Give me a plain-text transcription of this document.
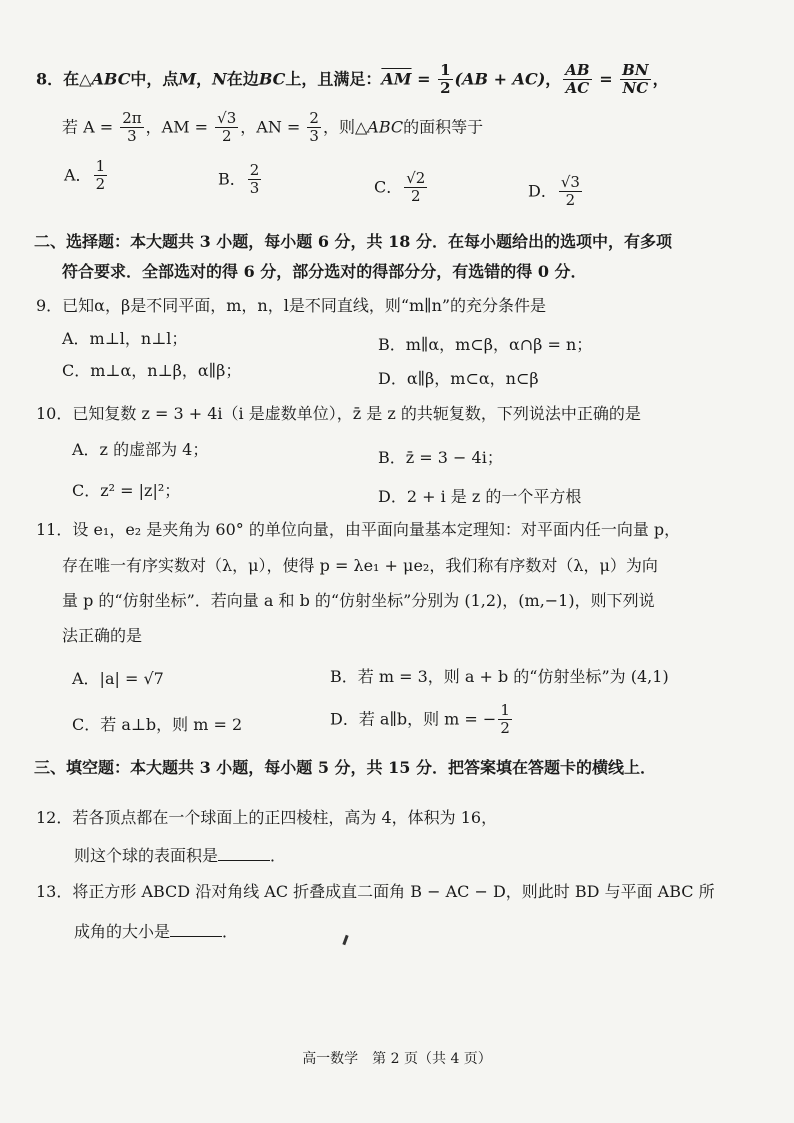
8．在△ABC中，点M，N在边BC上，且满足：$\overline{AM} = \frac{1}{2} (AB + AC)$， $\frac{AB}{AC} = \frac{BN}{NC}$ ，
若 $A = \frac{2\pi}{3}$ ，AM = $\frac{√3}{2}$ ，AN = $\frac{2}{3}$ ，则△ABC的面积等于
A． $\frac{1}{2}$	B． $\frac{2}{3}$	C． $\frac{√2}{2}$	D． $\frac{√3}{2}$
二、选择题：本大题共 3 小题，每小题 6 分，共 18 分．在每小题给出的选项中，有多项
符合要求．全部选对的得 6 分，部分选对的得部分分，有选错的得 0 分．
9．已知α，β是不同平面，m，n，l是不同直线，则“m∥n”的充分条件是
A．m⊥l，n⊥l；	B．m∥α，m⊂β，α∩β = n；
C．m⊥α，n⊥β，α∥β；	D．α∥β，m⊂α，n⊂β
10．已知复数 z = 3 + 4i（i 是虚数单位），z̄ 是 z 的共轭复数，下列说法中正确的是
A．z 的虚部为 4；	B．z̄ = 3 − 4i；
C．z² = |z|²；	D．2 + i 是 z 的一个平方根
11．设 e₁，e₂ 是夹角为 60° 的单位向量，由平面向量基本定理知：对平面内任一向量 p，
存在唯一有序实数对（λ，μ），使得 p = λe₁ + μe₂，我们称有序数对（λ，μ）为向
量 p 的“仿射坐标”．若向量 a 和 b 的“仿射坐标”分别为 (1,2)，(m,−1)，则下列说
法正确的是
A．|a| = √7	B．若 m = 3，则 a + b 的“仿射坐标”为 (4,1)
C．若 a⊥b，则 m = 2	D．若 a∥b，则 m = − $\frac{1}{2}$
三、填空题：本大题共 3 小题，每小题 5 分，共 15 分．把答案填在答题卡的横线上．
12．若各顶点都在一个球面上的正四棱柱，高为 4，体积为 16，
则这个球的表面积是	．
13．将正方形 ABCD 沿对角线 AC 折叠成直二面角 B − AC − D，则此时 BD 与平面 ABC 所
成角的大小是	．
高一数学　第 2 页（共 4 页）
